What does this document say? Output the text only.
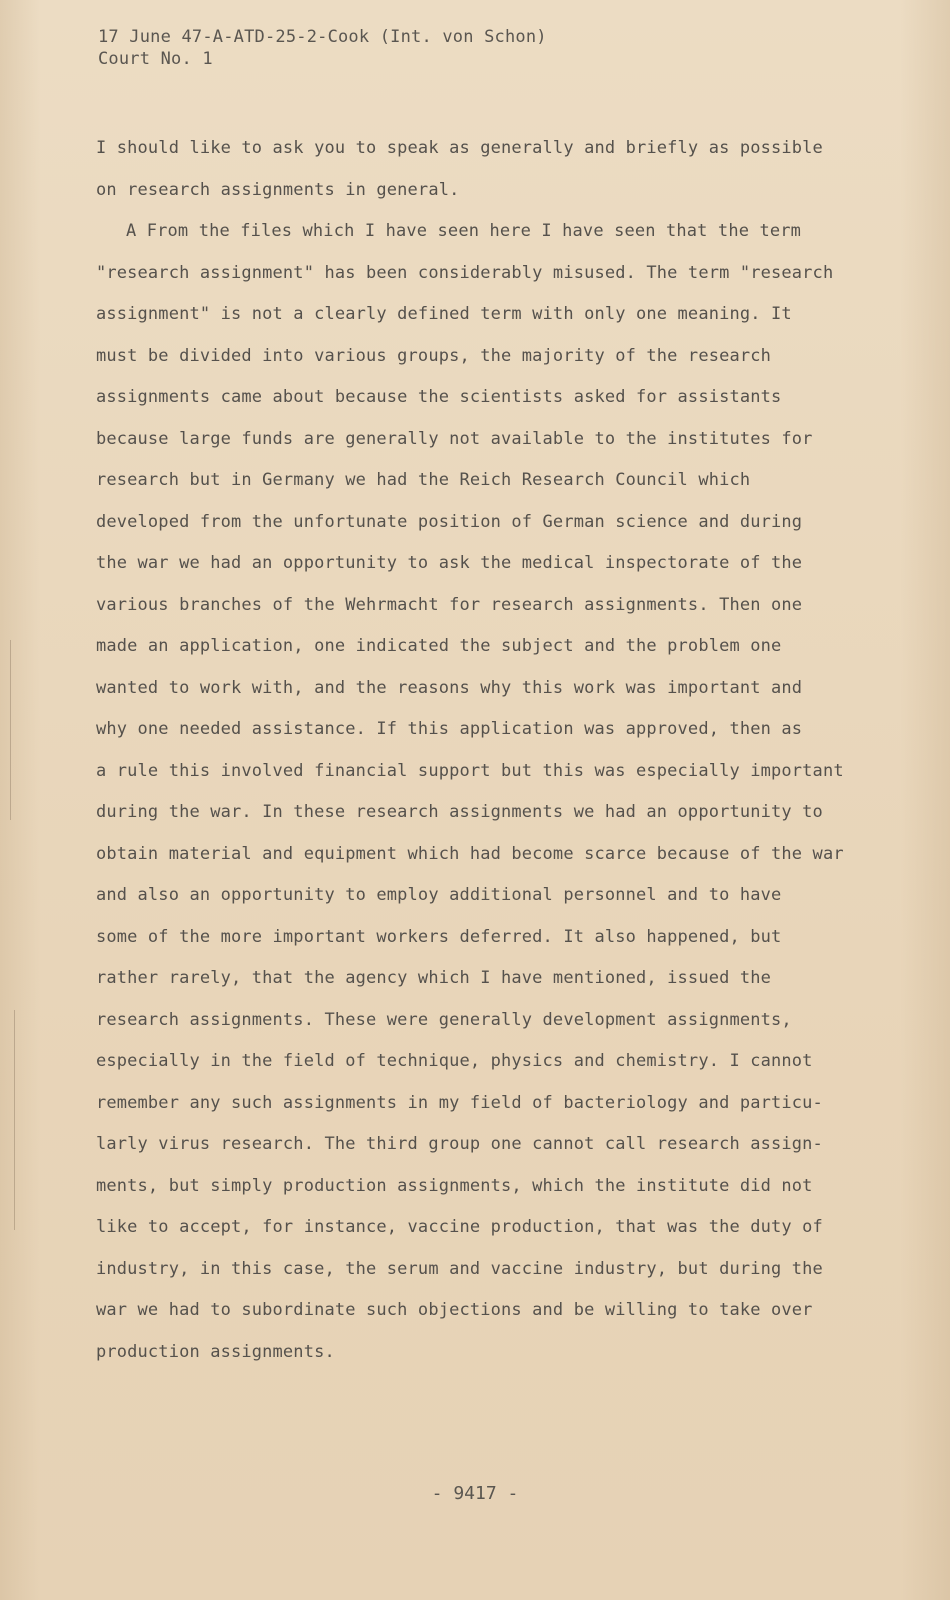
17 June 47-A-ATD-25-2-Cook (Int. von Schon)
Court No. 1
I should like to ask you to speak as generally and briefly as possible
on research assignments in general.
A From the files which I have seen here I have seen that the term
"research assignment" has been considerably misused. The term "research
assignment" is not a clearly defined term with only one meaning. It
must be divided into various groups, the majority of the research
assignments came about because the scientists asked for assistants
because large funds are generally not available to the institutes for
research but in Germany we had the Reich Research Council which
developed from the unfortunate position of German science and during
the war we had an opportunity to ask the medical inspectorate of the
various branches of the Wehrmacht for research assignments. Then one
made an application, one indicated the subject and the problem one
wanted to work with, and the reasons why this work was important and
why one needed assistance. If this application was approved, then as
a rule this involved financial support but this was especially important
during the war. In these research assignments we had an opportunity to
obtain material and equipment which had become scarce because of the war
and also an opportunity to employ additional personnel and to have
some of the more important workers deferred. It also happened, but
rather rarely, that the agency which I have mentioned, issued the
research assignments. These were generally development assignments,
especially in the field of technique, physics and chemistry. I cannot
remember any such assignments in my field of bacteriology and particu-
larly virus research. The third group one cannot call research assign-
ments, but simply production assignments, which the institute did not
like to accept, for instance, vaccine production, that was the duty of
industry, in this case, the serum and vaccine industry, but during the
war we had to subordinate such objections and be willing to take over
production assignments.
- 9417 -
